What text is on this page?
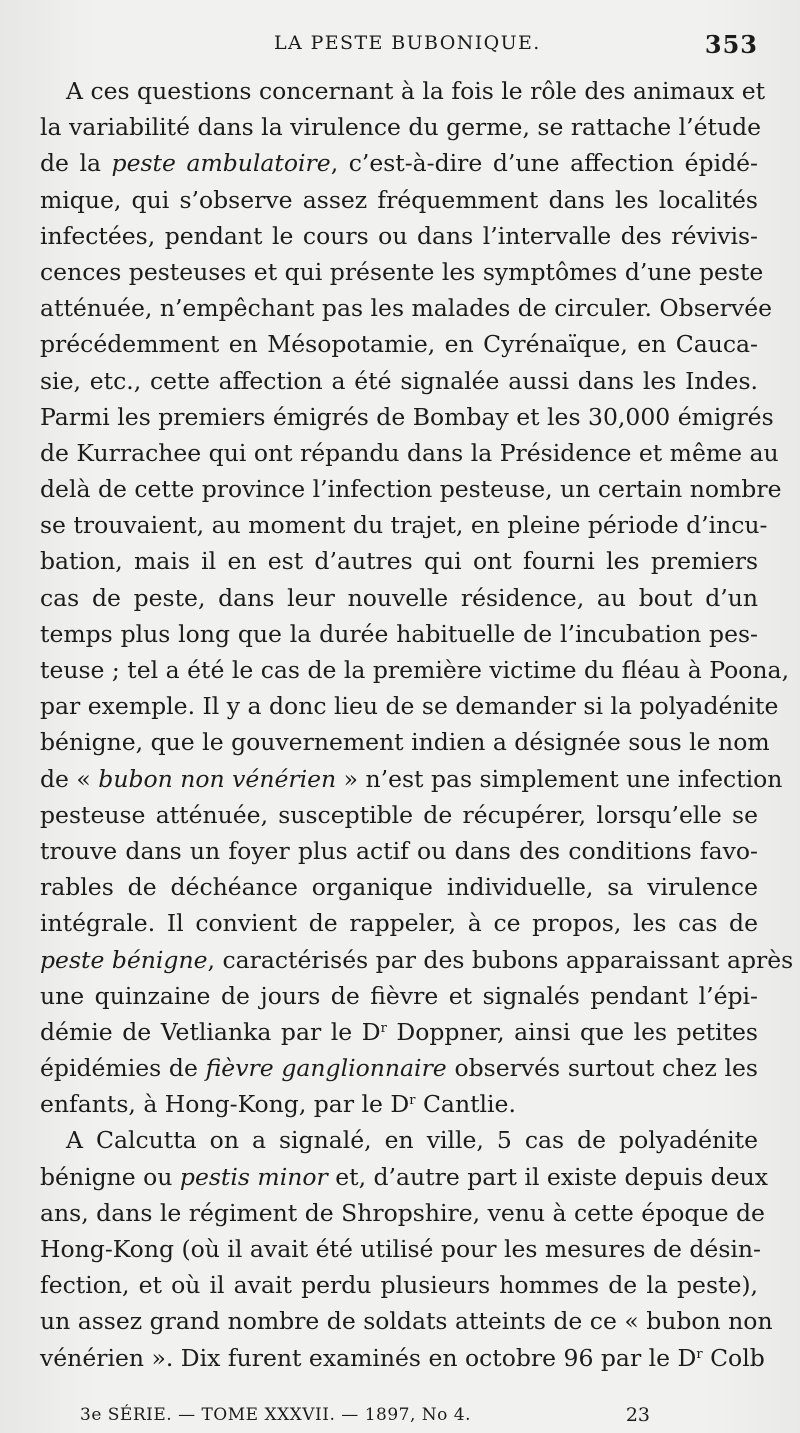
LA PESTE BUBONIQUE.	353
A ces questions concernant à la fois le rôle des animaux et
la variabilité dans la virulence du germe, se rattache l’étude
de la peste ambulatoire, c’est-à-dire d’une affection épidé-
mique, qui s’observe assez fréquemment dans les localités
infectées, pendant le cours ou dans l’intervalle des révivis-
cences pesteuses et qui présente les symptômes d’une peste
atténuée, n’empêchant pas les malades de circuler. Observée
précédemment en Mésopotamie, en Cyrénaïque, en Cauca-
sie, etc., cette affection a été signalée aussi dans les Indes.
Parmi les premiers émigrés de Bombay et les 30,000 émigrés
de Kurrachee qui ont répandu dans la Présidence et même au
delà de cette province l’infection pesteuse, un certain nombre
se trouvaient, au moment du trajet, en pleine période d’incu-
bation, mais il en est d’autres qui ont fourni les premiers
cas de peste, dans leur nouvelle résidence, au bout d’un
temps plus long que la durée habituelle de l’incubation pes-
teuse ; tel a été le cas de la première victime du fléau à Poona,
par exemple. Il y a donc lieu de se demander si la polyadénite
bénigne, que le gouvernement indien a désignée sous le nom
de « bubon non vénérien » n’est pas simplement une infection
pesteuse atténuée, susceptible de récupérer, lorsqu’elle se
trouve dans un foyer plus actif ou dans des conditions favo-
rables de déchéance organique individuelle, sa virulence
intégrale. Il convient de rappeler, à ce propos, les cas de
peste bénigne, caractérisés par des bubons apparaissant après
une quinzaine de jours de fièvre et signalés pendant l’épi-
démie de Vetlianka par le $D^r$ Doppner, ainsi que les petites
épidémies de fièvre ganglionnaire observés surtout chez les
enfants, à Hong-Kong, par le $D^r$ Cantlie.
A Calcutta on a signalé, en ville, 5 cas de polyadénite
bénigne ou pestis minor et, d’autre part il existe depuis deux
ans, dans le régiment de Shropshire, venu à cette époque de
Hong-Kong (où il avait été utilisé pour les mesures de désin-
fection, et où il avait perdu plusieurs hommes de la peste),
un assez grand nombre de soldats atteints de ce « bubon non
vénérien ». Dix furent examinés en octobre 96 par le $D^r$ Colb
3e SÉRIE. — TOME XXXVII. — 1897, No 4.	23
